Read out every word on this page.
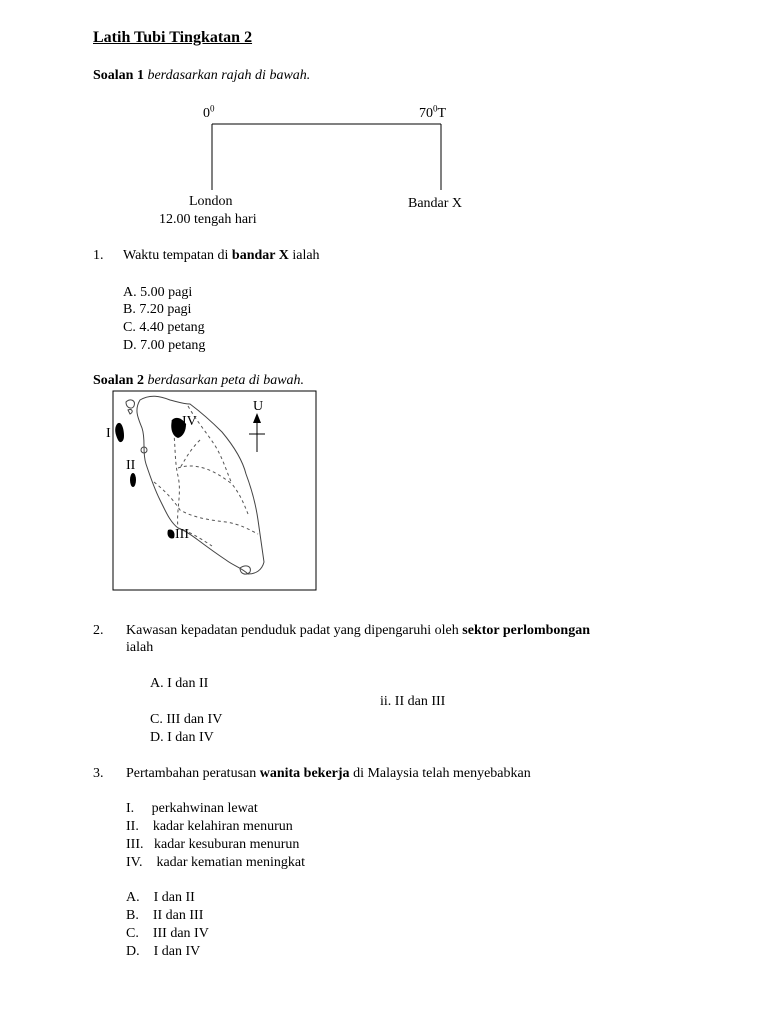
Latih Tubi Tingkatan 2
Soalan 1 berdasarkan rajah di bawah.
$0^0$	$70^0T$
London
12.00 tengah hari
Bandar X
1. Waktu tempatan di bandar X ialah
A. 5.00 pagi
B. 7.20 pagi
C. 4.40 petang
D. 7.00 petang
Soalan 2 berdasarkan peta di bawah.
U
I
II
III
IV
2. Kawasan kepadatan penduduk padat yang dipengaruhi oleh sektor perlombongan
ialah
A. I dan II
ii. II dan III
C. III dan IV
D. I dan IV
3. Pertambahan peratusan wanita bekerja di Malaysia telah menyebabkan
I.     perkahwinan lewat
II.    kadar kelahiran menurun
III.   kadar kesuburan menurun
IV.    kadar kematian meningkat
A.    I dan II
B.    II dan III
C.    III dan IV
D.    I dan IV
